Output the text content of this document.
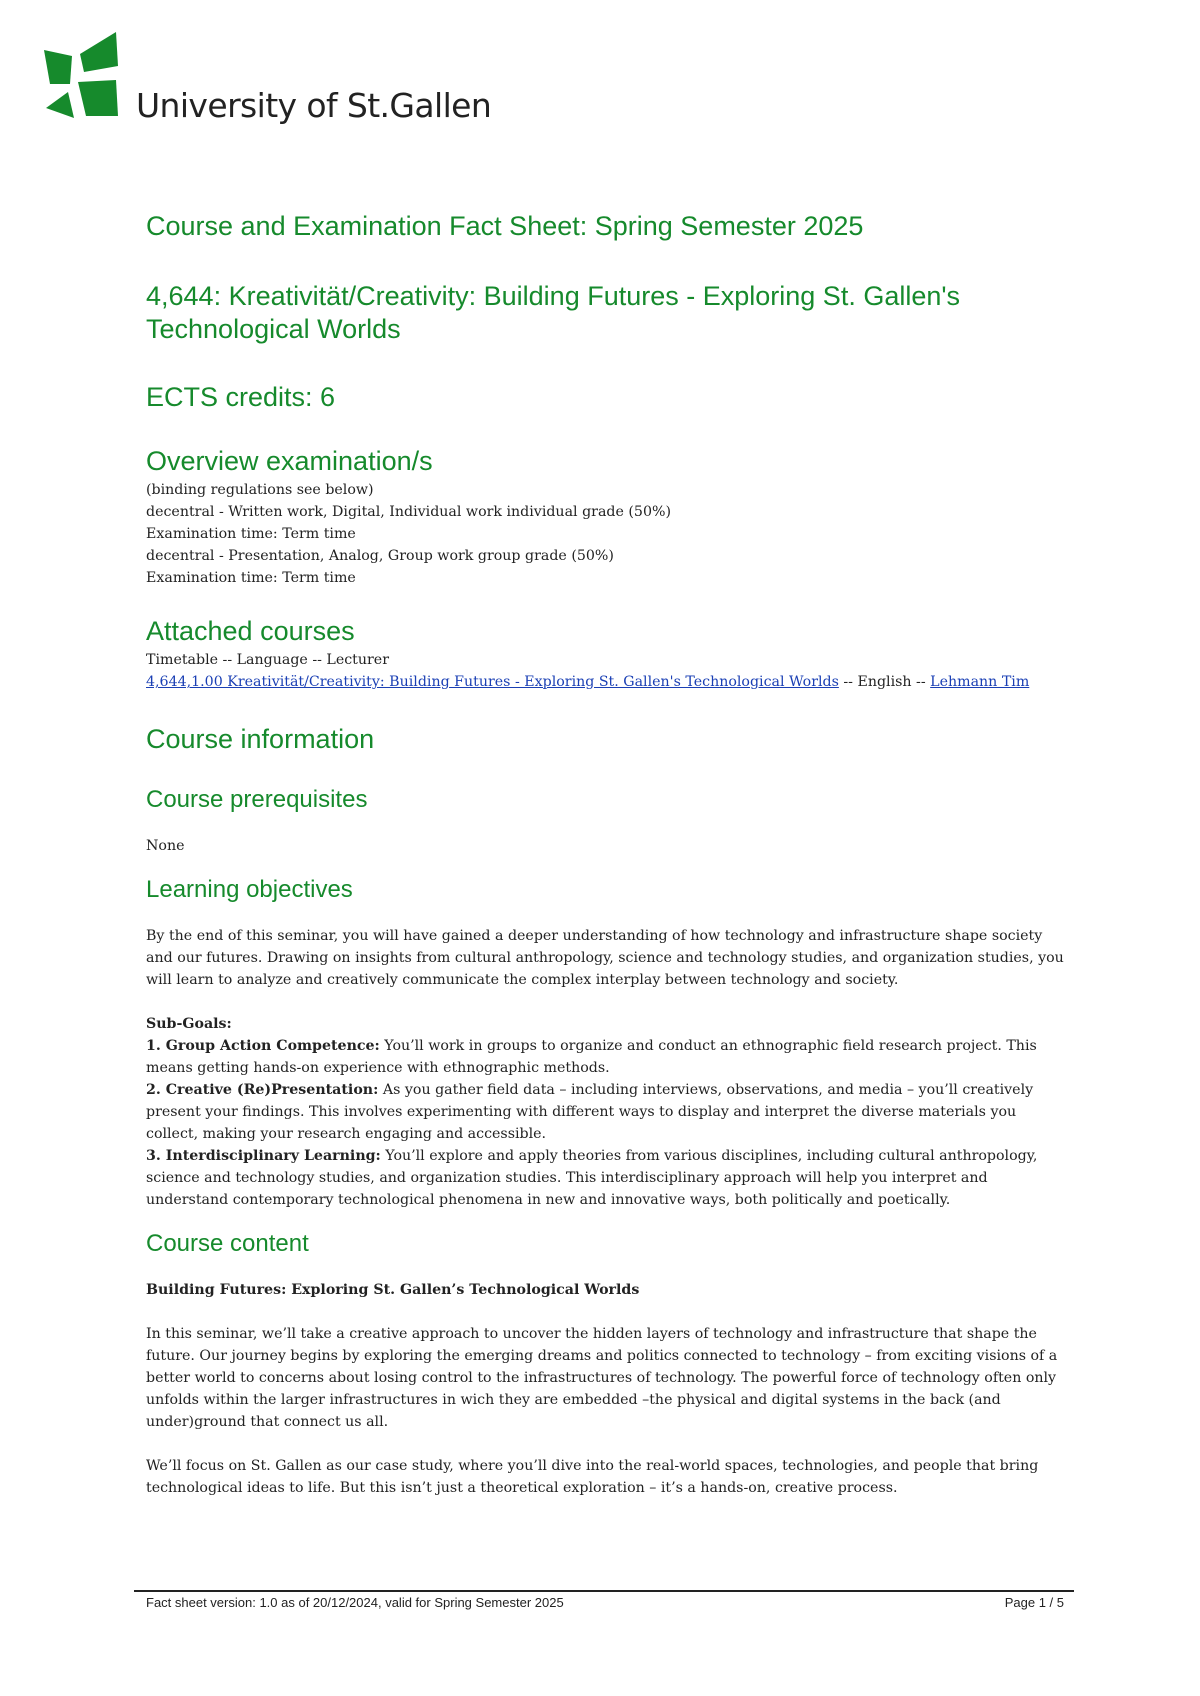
University of St.Gallen
Course and Examination Fact Sheet: Spring Semester 2025
4,644: Kreativität/Creativity: Building Futures - Exploring St. Gallen's Technological Worlds
ECTS credits: 6
Overview examination/s
(binding regulations see below)
decentral - Written work, Digital, Individual work individual grade (50%)
Examination time: Term time
decentral - Presentation, Analog, Group work group grade (50%)
Examination time: Term time
Attached courses
Timetable -- Language -- Lecturer
4,644,1.00 Kreativität/Creativity: Building Futures - Exploring St. Gallen's Technological Worlds -- English -- Lehmann Tim
Course information
Course prerequisites

None

Learning objectives

By the end of this seminar, you will have gained a deeper understanding of how technology and infrastructure shape society and our futures. Drawing on insights from cultural anthropology, science and technology studies, and organization studies, you will learn to analyze and creatively communicate the complex interplay between technology and society.

Sub-Goals:

1. Group Action Competence: You’ll work in groups to organize and conduct an ethnographic field research project. This means getting hands-on experience with ethnographic methods.

2. Creative (Re)Presentation: As you gather field data – including interviews, observations, and media – you’ll creatively present your findings. This involves experimenting with different ways to display and interpret the diverse materials you collect, making your research engaging and accessible.

3. Interdisciplinary Learning: You’ll explore and apply theories from various disciplines, including cultural anthropology, science and technology studies, and organization studies. This interdisciplinary approach will help you interpret and understand contemporary technological phenomena in new and innovative ways, both politically and poetically.

Course content

Building Futures: Exploring St. Gallen’s Technological Worlds

In this seminar, we’ll take a creative approach to uncover the hidden layers of technology and infrastructure that shape the future. Our journey begins by exploring the emerging dreams and politics connected to technology – from exciting visions of a better world to concerns about losing control to the infrastructures of technology. The powerful force of technology often only unfolds within the larger infrastructures in wich they are embedded –the physical and digital systems in the back (and under)ground that connect us all.

We’ll focus on St. Gallen as our case study, where you’ll dive into the real-world spaces, technologies, and people that bring technological ideas to life. But this isn’t just a theoretical exploration – it’s a hands-on, creative process.

Fact sheet version: 1.0 as of 20/12/2024, valid for Spring Semester 2025	Page 1 / 5
